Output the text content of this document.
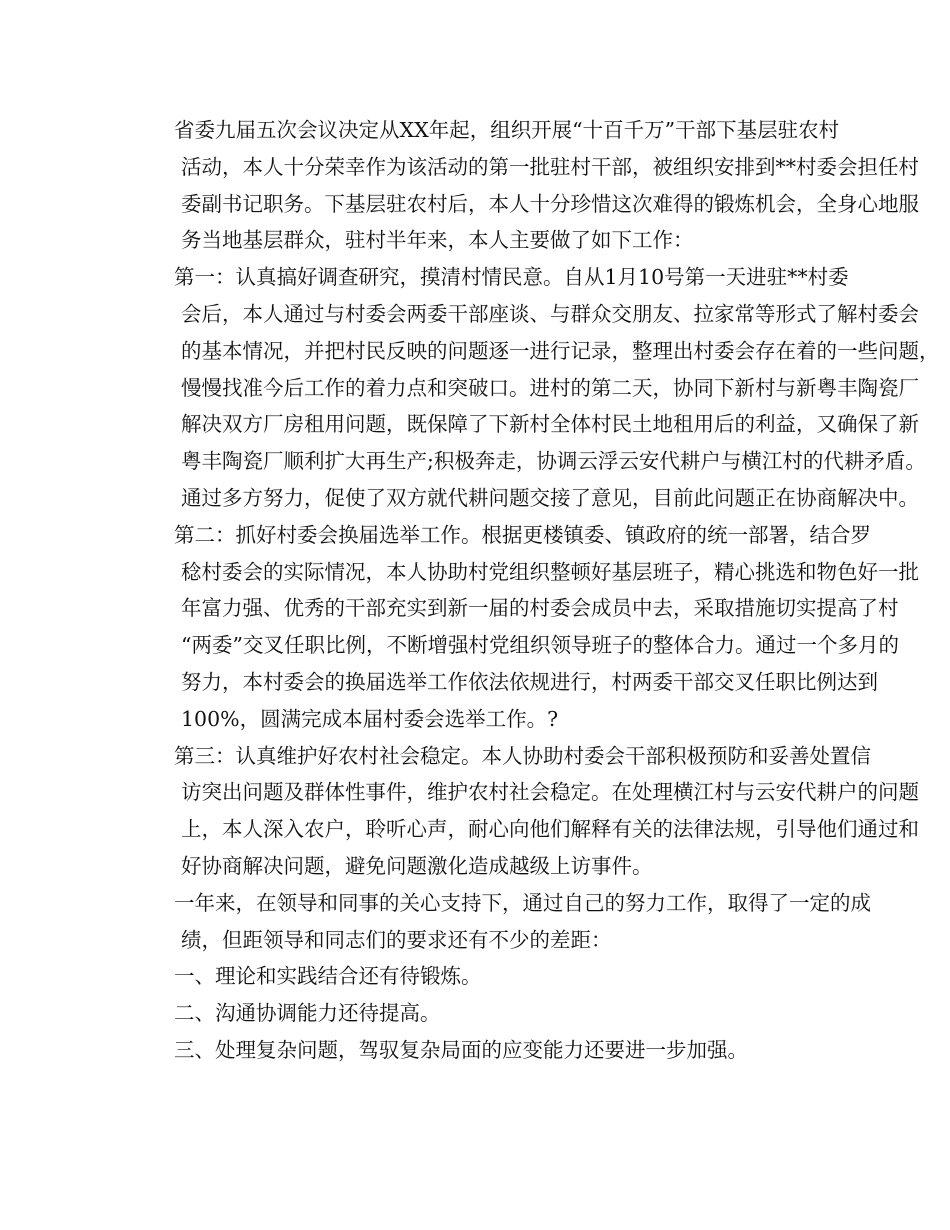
省委九届五次会议决定从XX年起，组织开展“十百千万”干部下基层驻农村
活动，本人十分荣幸作为该活动的第一批驻村干部，被组织安排到**村委会担任村
委副书记职务。下基层驻农村后，本人十分珍惜这次难得的锻炼机会，全身心地服
务当地基层群众，驻村半年来，本人主要做了如下工作：
第一：认真搞好调查研究，摸清村情民意。自从1月10号第一天进驻**村委
会后，本人通过与村委会两委干部座谈、与群众交朋友、拉家常等形式了解村委会
的基本情况，并把村民反映的问题逐一进行记录，整理出村委会存在着的一些问题，
慢慢找准今后工作的着力点和突破口。进村的第二天，协同下新村与新粤丰陶瓷厂
解决双方厂房租用问题，既保障了下新村全体村民土地租用后的利益，又确保了新
粤丰陶瓷厂顺利扩大再生产;积极奔走，协调云浮云安代耕户与横江村的代耕矛盾。
通过多方努力，促使了双方就代耕问题交接了意见，目前此问题正在协商解决中。
第二：抓好村委会换届选举工作。根据更楼镇委、镇政府的统一部署，结合罗
稔村委会的实际情况，本人协助村党组织整顿好基层班子，精心挑选和物色好一批
年富力强、优秀的干部充实到新一届的村委会成员中去，采取措施切实提高了村
“两委”交叉任职比例，不断增强村党组织领导班子的整体合力。通过一个多月的
努力，本村委会的换届选举工作依法依规进行，村两委干部交叉任职比例达到
100%，圆满完成本届村委会选举工作。?
第三：认真维护好农村社会稳定。本人协助村委会干部积极预防和妥善处置信
访突出问题及群体性事件，维护农村社会稳定。在处理横江村与云安代耕户的问题
上，本人深入农户，聆听心声，耐心向他们解释有关的法律法规，引导他们通过和
好协商解决问题，避免问题激化造成越级上访事件。
一年来，在领导和同事的关心支持下，通过自己的努力工作，取得了一定的成
绩，但距领导和同志们的要求还有不少的差距：
一、理论和实践结合还有待锻炼。
二、沟通协调能力还待提高。
三、处理复杂问题，驾驭复杂局面的应变能力还要进一步加强。
